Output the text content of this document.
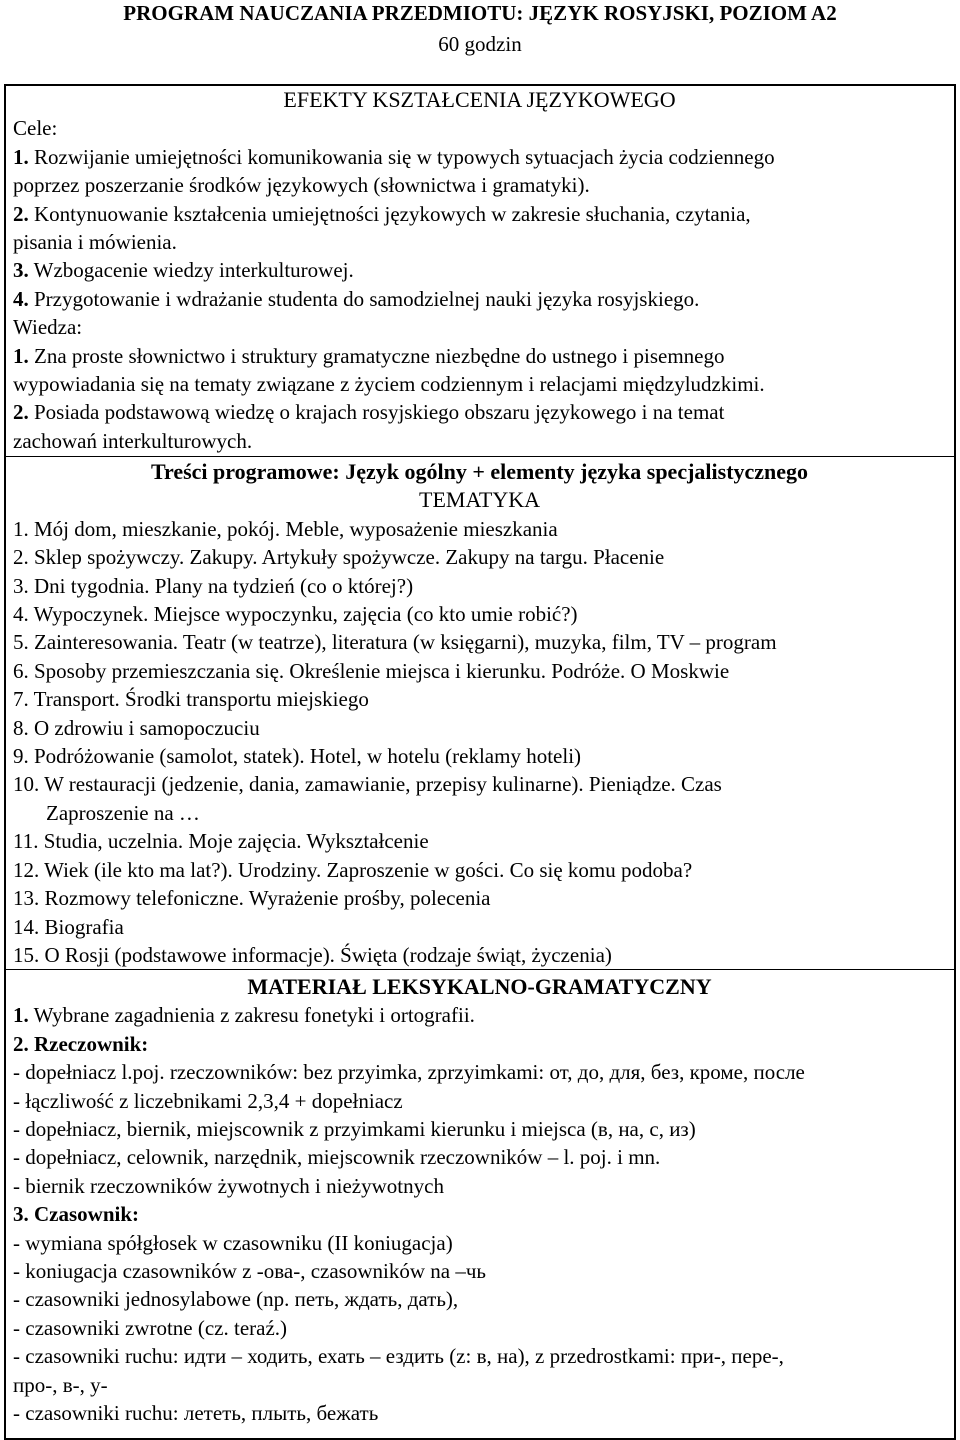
PROGRAM NAUCZANIA PRZEDMIOTU: JĘZYK ROSYJSKI, POZIOM A2
60 godzin
EFEKTY KSZTAŁCENIA JĘZYKOWEGO
Cele:
1. Rozwijanie umiejętności komunikowania się w typowych sytuacjach życia codziennego
poprzez poszerzanie środków językowych (słownictwa i gramatyki).
2. Kontynuowanie kształcenia umiejętności językowych w zakresie słuchania, czytania,
pisania i mówienia.
3. Wzbogacenie wiedzy interkulturowej.
4. Przygotowanie i wdrażanie studenta do samodzielnej nauki języka rosyjskiego.
Wiedza:
1. Zna proste słownictwo i struktury gramatyczne niezbędne do ustnego i pisemnego
wypowiadania się na tematy związane z życiem codziennym i relacjami międzyludzkimi.
2. Posiada podstawową wiedzę o krajach rosyjskiego obszaru językowego i na temat
zachowań interkulturowych.
Treści programowe: Język ogólny + elementy języka specjalistycznego
TEMATYKA
1. Mój dom, mieszkanie, pokój. Meble, wyposażenie mieszkania
2. Sklep spożywczy. Zakupy. Artykuły spożywcze. Zakupy na targu. Płacenie
3. Dni tygodnia. Plany na tydzień (co o której?)
4. Wypoczynek. Miejsce wypoczynku, zajęcia (co kto umie robić?)
5. Zainteresowania. Teatr (w teatrze), literatura (w księgarni), muzyka, film, TV – program
6. Sposoby przemieszczania się. Określenie miejsca i kierunku. Podróże. O Moskwie
7. Transport. Środki transportu miejskiego
8. O zdrowiu i samopoczuciu
9. Podróżowanie (samolot, statek). Hotel, w hotelu (reklamy hoteli)
10. W restauracji (jedzenie, dania, zamawianie, przepisy kulinarne). Pieniądze. Czas
Zaproszenie na …
11. Studia, uczelnia. Moje zajęcia. Wykształcenie
12. Wiek (ile kto ma lat?). Urodziny. Zaproszenie w gości. Co się komu podoba?
13. Rozmowy telefoniczne. Wyrażenie prośby, polecenia
14. Biografia
15. O Rosji (podstawowe informacje). Święta (rodzaje świąt, życzenia)
MATERIAŁ LEKSYKALNO-GRAMATYCZNY
1. Wybrane zagadnienia z zakresu fonetyki i ortografii.
2. Rzeczownik:
- dopełniacz l.poj. rzeczowników: bez przyimka, zprzyimkami: от, до, для, без, кроме, после
- łączliwość z liczebnikami 2,3,4 + dopełniacz
- dopełniacz, biernik, miejscownik z przyimkami kierunku i miejsca (в, на, с, из)
- dopełniacz, celownik, narzędnik, miejscownik rzeczowników – l. poj. i mn.
- biernik rzeczowników żywotnych i nieżywotnych
3. Czasownik:
- wymiana spółgłosek w czasowniku (II koniugacja)
- koniugacja czasowników z -ова-, czasowników na –чь
- czasowniki jednosylabowe (np. петь, ждать, дать),
- czasowniki zwrotne (cz. teraź.)
- czasowniki ruchu: идти – ходить, ехать – ездить (z: в, на), z przedrostkami: при-, пере-,
про-, в-, у-
- czasowniki ruchu: лететь, плыть, бежать
